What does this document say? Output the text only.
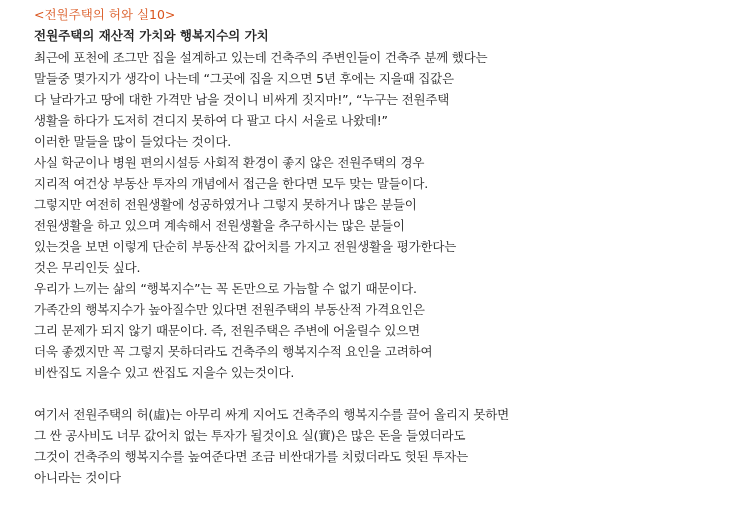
<전원주택의 허와 실10>
전원주택의 재산적 가치와 행복지수의 가치
최근에 포천에 조그만 집을 설계하고 있는데 건축주의 주변인들이 건축주 분께 했다는
말들중 몇가지가 생각이 나는데 “그곳에 집을 지으면 5년 후에는 지을때 집값은
다 날라가고 땅에 대한 가격만 남을 것이니 비싸게 짓지마!”, “누구는 전원주택
생활을 하다가 도저히 견디지 못하여 다 팔고 다시 서울로 나왔데!”
이러한 말들을 많이 들었다는 것이다.
사실 학군이나 병원 편의시설등 사회적 환경이 좋지 않은 전원주택의 경우
지리적 여건상 부동산 투자의 개념에서 접근을 한다면 모두 맞는 말들이다.
그렇지만 여전히 전원생활에 성공하였거나 그렇지 못하거나 많은 분들이
전원생활을 하고 있으며 계속해서 전원생활을 추구하시는 많은 분들이
있는것을 보면 이렇게 단순히 부동산적 값어치를 가지고 전원생활을 평가한다는
것은 무리인듯 싶다.
우리가 느끼는 삶의 “행복지수”는 꼭 돈만으로 가늠할 수 없기 때문이다.
가족간의 행복지수가 높아질수만 있다면 전원주택의 부동산적 가격요인은
그리 문제가 되지 않기 때문이다. 즉, 전원주택은 주변에 어울릴수 있으면
더욱 좋겠지만 꼭 그렇지 못하더라도 건축주의 행복지수적 요인을 고려하여
비싼집도 지을수 있고 싼집도 지을수 있는것이다.
여기서 전원주택의 허(虛)는 아무리 싸게 지어도 건축주의 행복지수를 끌어 올리지 못하면
그 싼 공사비도 너무 값어치 없는 투자가 될것이요 실(實)은 많은 돈을 들였더라도
그것이 건축주의 행복지수를 높여준다면 조금 비싼대가를 치렀더라도 헛된 투자는
아니라는 것이다
